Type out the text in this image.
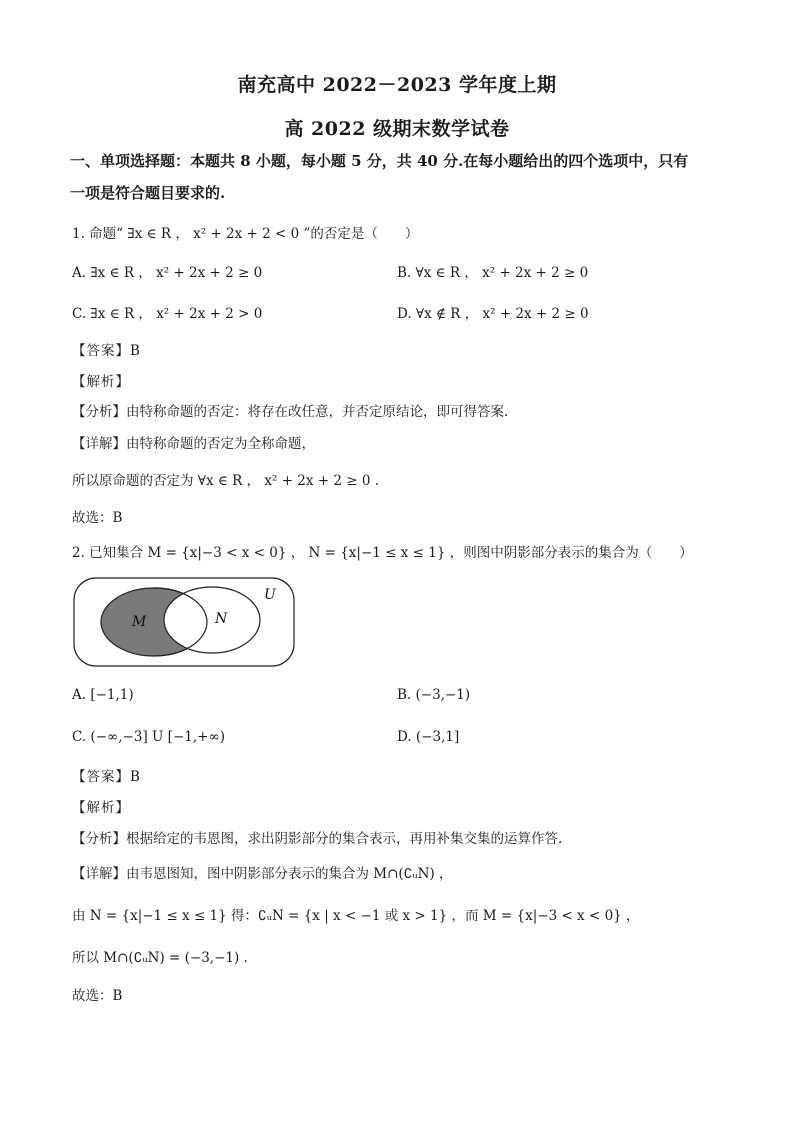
南充高中 2022－2023 学年度上期
高 2022 级期末数学试卷
一、单项选择题：本题共 8 小题，每小题 5 分，共 40 分.在每小题给出的四个选项中，只有
一项是符合题目要求的.
1. 命题“ ∃x ∈ R ， x² + 2x + 2 < 0 ”的否定是（　　）
A. ∃x ∈ R ， x² + 2x + 2 ≥ 0	B. ∀x ∈ R ， x² + 2x + 2 ≥ 0
C. ∃x ∈ R ， x² + 2x + 2 > 0	D. ∀x ∉ R ， x² + 2x + 2 ≥ 0
【答案】B
【解析】
【分析】由特称命题的否定：将存在改任意，并否定原结论，即可得答案.
【详解】由特称命题的否定为全称命题，
所以原命题的否定为 ∀x ∈ R ， x² + 2x + 2 ≥ 0 .
故选：B
2. 已知集合 M = {x|−3 < x < 0} ， N = {x|−1 ≤ x ≤ 1} ，则图中阴影部分表示的集合为（　　）
M	N
U
A. [−1,1)	B. (−3,−1)
C. (−∞,−3] U [−1,+∞)	D. (−3,1]
【答案】B
【解析】
【分析】根据给定的韦恩图，求出阴影部分的集合表示，再用补集交集的运算作答.
【详解】由韦恩图知，图中阴影部分表示的集合为 M∩(∁ᵤN) ，
由 N = {x|−1 ≤ x ≤ 1} 得：∁ᵤN = {x | x < −1 或 x > 1} ，而 M = {x|−3 < x < 0} ，
所以 M∩(∁ᵤN) = (−3,−1) .
故选：B
